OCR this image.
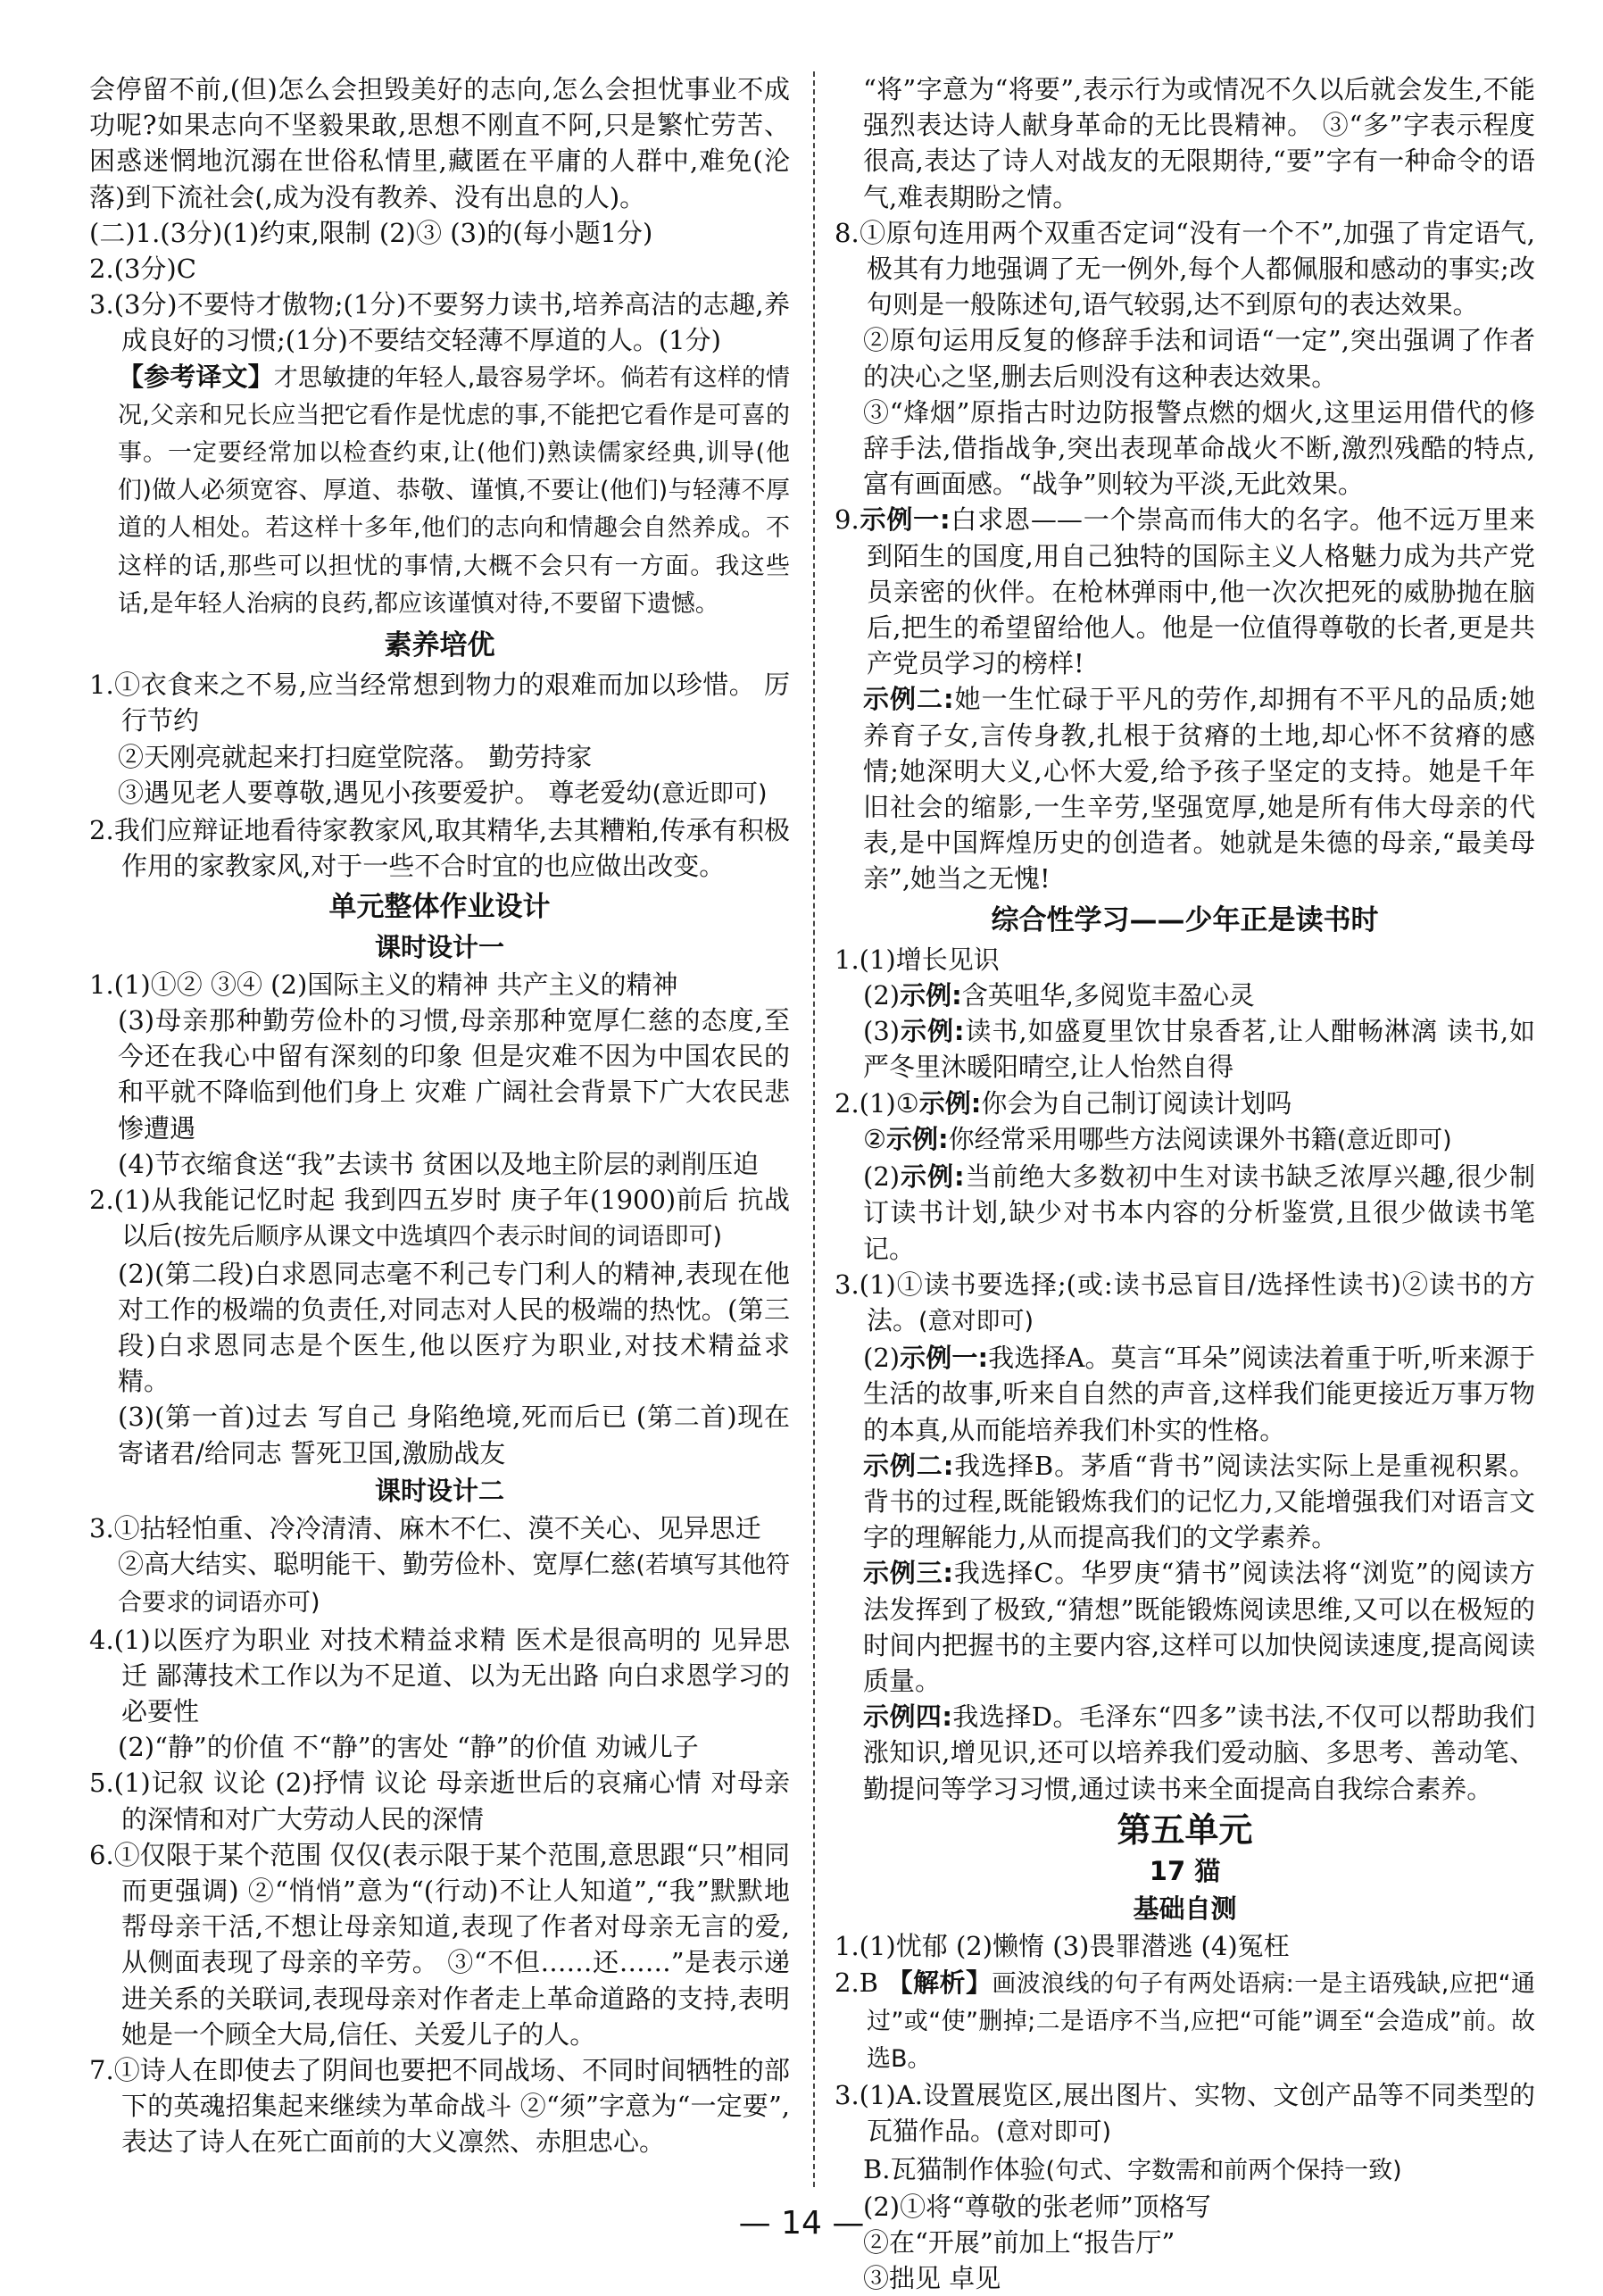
会停留不前,(但)怎么会担毁美好的志向,怎么会担忧事业不成功呢?如果志向不坚毅果敢,思想不刚直不阿,只是繁忙劳苦、困惑迷惘地沉溺在世俗私情里,藏匿在平庸的人群中,难免(沦落)到下流社会(,成为没有教养、没有出息的人)。

(二)1.(3分)(1)约束,限制 (2)③ (3)的(每小题1分)

2.(3分)C

3.(3分)不要恃才傲物;(1分)不要努力读书,培养高洁的志趣,养成良好的习惯;(1分)不要结交轻薄不厚道的人。(1分)

【参考译文】才思敏捷的年轻人,最容易学坏。倘若有这样的情况,父亲和兄长应当把它看作是忧虑的事,不能把它看作是可喜的事。一定要经常加以检查约束,让(他们)熟读儒家经典,训导(他们)做人必须宽容、厚道、恭敬、谨慎,不要让(他们)与轻薄不厚道的人相处。若这样十多年,他们的志向和情趣会自然养成。不这样的话,那些可以担忧的事情,大概不会只有一方面。我这些话,是年轻人治病的良药,都应该谨慎对待,不要留下遗憾。

素养培优

1.①衣食来之不易,应当经常想到物力的艰难而加以珍惜。 厉行节约

②天刚亮就起来打扫庭堂院落。 勤劳持家

③遇见老人要尊敬,遇见小孩要爱护。 尊老爱幼(意近即可)

2.我们应辩证地看待家教家风,取其精华,去其糟粕,传承有积极作用的家教家风,对于一些不合时宜的也应做出改变。

单元整体作业设计
课时设计一

1.(1)①② ③④ (2)国际主义的精神 共产主义的精神

(3)母亲那种勤劳俭朴的习惯,母亲那种宽厚仁慈的态度,至今还在我心中留有深刻的印象 但是灾难不因为中国农民的和平就不降临到他们身上 灾难 广阔社会背景下广大农民悲惨遭遇

(4)节衣缩食送“我”去读书 贫困以及地主阶层的剥削压迫

2.(1)从我能记忆时起 我到四五岁时 庚子年(1900)前后 抗战以后(按先后顺序从课文中选填四个表示时间的词语即可)

(2)(第二段)白求恩同志毫不利己专门利人的精神,表现在他对工作的极端的负责任,对同志对人民的极端的热忱。(第三段)白求恩同志是个医生,他以医疗为职业,对技术精益求精。

(3)(第一首)过去 写自己 身陷绝境,死而后已 (第二首)现在 寄诸君/给同志 誓死卫国,激励战友

课时设计二

3.①拈轻怕重、冷冷清清、麻木不仁、漠不关心、见异思迁

②高大结实、聪明能干、勤劳俭朴、宽厚仁慈(若填写其他符合要求的词语亦可)

4.(1)以医疗为职业 对技术精益求精 医术是很高明的 见异思迁 鄙薄技术工作以为不足道、以为无出路 向白求恩学习的必要性

(2)“静”的价值 不“静”的害处 “静”的价值 劝诫儿子

5.(1)记叙 议论 (2)抒情 议论 母亲逝世后的哀痛心情 对母亲的深情和对广大劳动人民的深情

6.①仅限于某个范围 仅仅(表示限于某个范围,意思跟“只”相同而更强调) ②“悄悄”意为“(行动)不让人知道”,“我”默默地帮母亲干活,不想让母亲知道,表现了作者对母亲无言的爱,从侧面表现了母亲的辛劳。 ③“不但……还……”是表示递进关系的关联词,表现母亲对作者走上革命道路的支持,表明她是一个顾全大局,信任、关爱儿子的人。

7.①诗人在即使去了阴间也要把不同战场、不同时间牺牲的部下的英魂招集起来继续为革命战斗 ②“须”字意为“一定要”,表达了诗人在死亡面前的大义凛然、赤胆忠心。

“将”字意为“将要”,表示行为或情况不久以后就会发生,不能强烈表达诗人献身革命的无比畏精神。 ③“多”字表示程度很高,表达了诗人对战友的无限期待,“要”字有一种命令的语气,难表期盼之情。

8.①原句连用两个双重否定词“没有一个不”,加强了肯定语气,极其有力地强调了无一例外,每个人都佩服和感动的事实;改句则是一般陈述句,语气较弱,达不到原句的表达效果。

②原句运用反复的修辞手法和词语“一定”,突出强调了作者的决心之坚,删去后则没有这种表达效果。

③“烽烟”原指古时边防报警点燃的烟火,这里运用借代的修辞手法,借指战争,突出表现革命战火不断,激烈残酷的特点,富有画面感。“战争”则较为平淡,无此效果。

9.示例一:白求恩——一个崇高而伟大的名字。他不远万里来到陌生的国度,用自己独特的国际主义人格魅力成为共产党员亲密的伙伴。在枪林弹雨中,他一次次把死的威胁抛在脑后,把生的希望留给他人。他是一位值得尊敬的长者,更是共产党员学习的榜样!

示例二:她一生忙碌于平凡的劳作,却拥有不平凡的品质;她养育子女,言传身教,扎根于贫瘠的土地,却心怀不贫瘠的感情;她深明大义,心怀大爱,给予孩子坚定的支持。她是千年旧社会的缩影,一生辛劳,坚强宽厚,她是所有伟大母亲的代表,是中国辉煌历史的创造者。她就是朱德的母亲,“最美母亲”,她当之无愧!

综合性学习——少年正是读书时

1.(1)增长见识

(2)示例:含英咀华,多阅览丰盈心灵

(3)示例:读书,如盛夏里饮甘泉香茗,让人酣畅淋漓 读书,如严冬里沐暖阳晴空,让人怡然自得

2.(1)①示例:你会为自己制订阅读计划吗

②示例:你经常采用哪些方法阅读课外书籍(意近即可)

(2)示例:当前绝大多数初中生对读书缺乏浓厚兴趣,很少制订读书计划,缺少对书本内容的分析鉴赏,且很少做读书笔记。

3.(1)①读书要选择;(或:读书忌盲目/选择性读书)②读书的方法。(意对即可)

(2)示例一:我选择A。莫言“耳朵”阅读法着重于听,听来源于生活的故事,听来自自然的声音,这样我们能更接近万事万物的本真,从而能培养我们朴实的性格。

示例二:我选择B。茅盾“背书”阅读法实际上是重视积累。背书的过程,既能锻炼我们的记忆力,又能增强我们对语言文字的理解能力,从而提高我们的文学素养。

示例三:我选择C。华罗庚“猜书”阅读法将“浏览”的阅读方法发挥到了极致,“猜想”既能锻炼阅读思维,又可以在极短的时间内把握书的主要内容,这样可以加快阅读速度,提高阅读质量。

示例四:我选择D。毛泽东“四多”读书法,不仅可以帮助我们涨知识,增见识,还可以培养我们爱动脑、多思考、善动笔、勤提问等学习习惯,通过读书来全面提高自我综合素养。

第五单元
17 猫
基础自测

1.(1)忧郁 (2)懒惰 (3)畏罪潜逃 (4)冤枉

2.B 【解析】画波浪线的句子有两处语病:一是主语残缺,应把“通过”或“使”删掉;二是语序不当,应把“可能”调至“会造成”前。故选B。

3.(1)A.设置展览区,展出图片、实物、文创产品等不同类型的瓦猫作品。(意对即可)

B.瓦猫制作体验(句式、字数需和前两个保持一致)

(2)①将“尊敬的张老师”顶格写

②在“开展”前加上“报告厅”

③拙见 卓见

— 14 —
